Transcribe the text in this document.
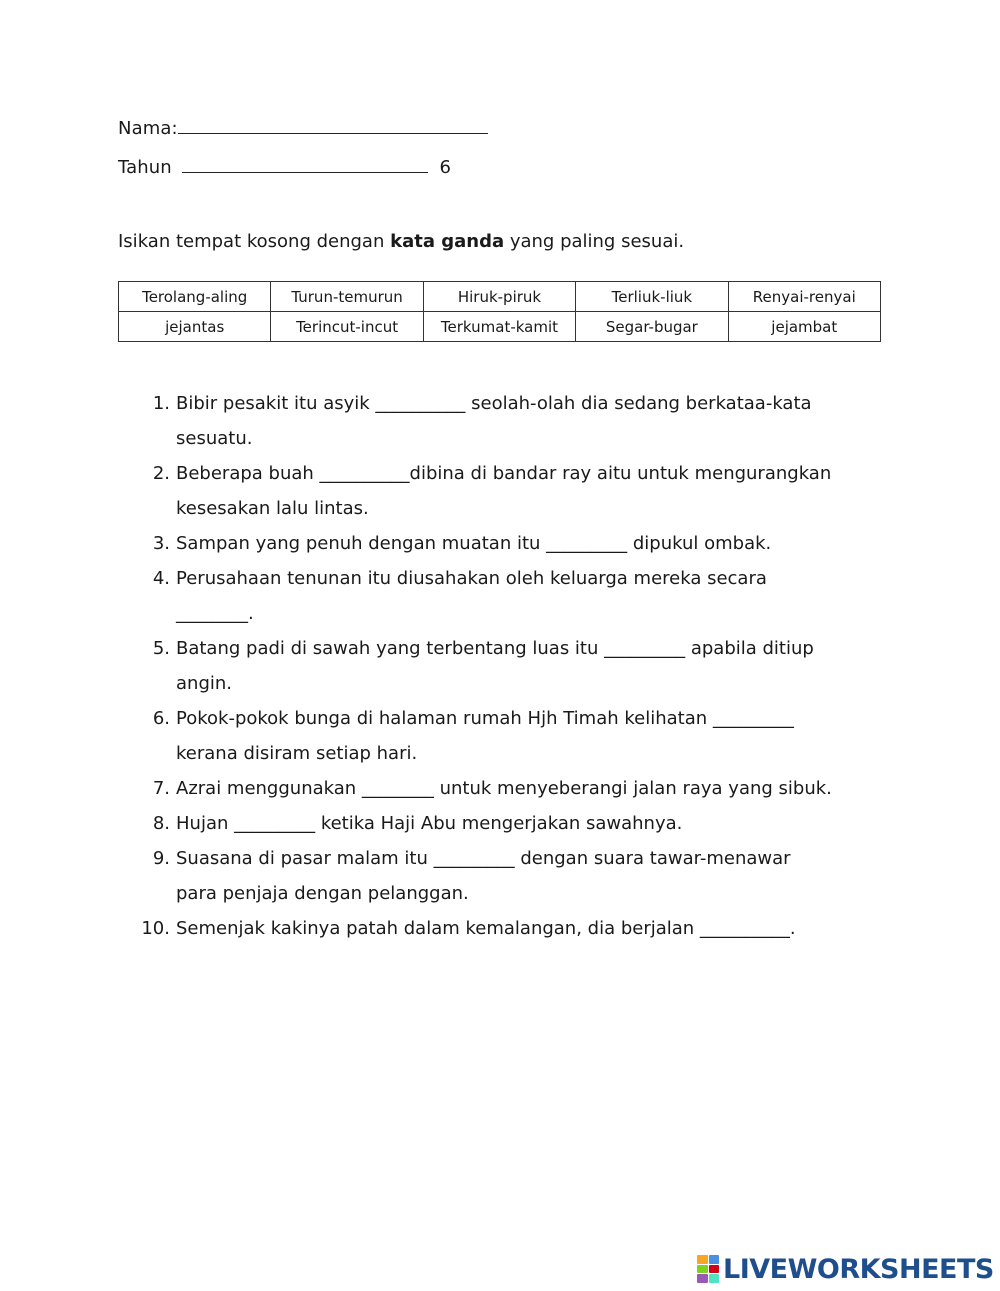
Nama:
Tahun	6
Isikan tempat kosong dengan kata ganda yang paling sesuai.
Terolang-aling	Turun-temurun	Hiruk-piruk	Terliuk-liuk	Renyai-renyai
jejantas	Terincut-incut	Terkumat-kamit	Segar-bugar	jejambat
1. Bibir pesakit itu asyik __________ seolah-olah dia sedang berkataa-kata
sesuatu.
2. Beberapa buah __________dibina di bandar ray aitu untuk mengurangkan
kesesakan lalu lintas.
3. Sampan yang penuh dengan muatan itu _________ dipukul ombak.
4. Perusahaan tenunan itu diusahakan oleh keluarga mereka secara
________.
5. Batang padi di sawah yang terbentang luas itu _________ apabila ditiup
angin.
6. Pokok-pokok bunga di halaman rumah Hjh Timah kelihatan _________
kerana disiram setiap hari.
7. Azrai menggunakan ________ untuk menyeberangi jalan raya yang sibuk.
8. Hujan _________ ketika Haji Abu mengerjakan sawahnya.
9. Suasana di pasar malam itu _________ dengan suara tawar-menawar
para penjaja dengan pelanggan.
10. Semenjak kakinya patah dalam kemalangan, dia berjalan __________.
LIVEWORKSHEETS
